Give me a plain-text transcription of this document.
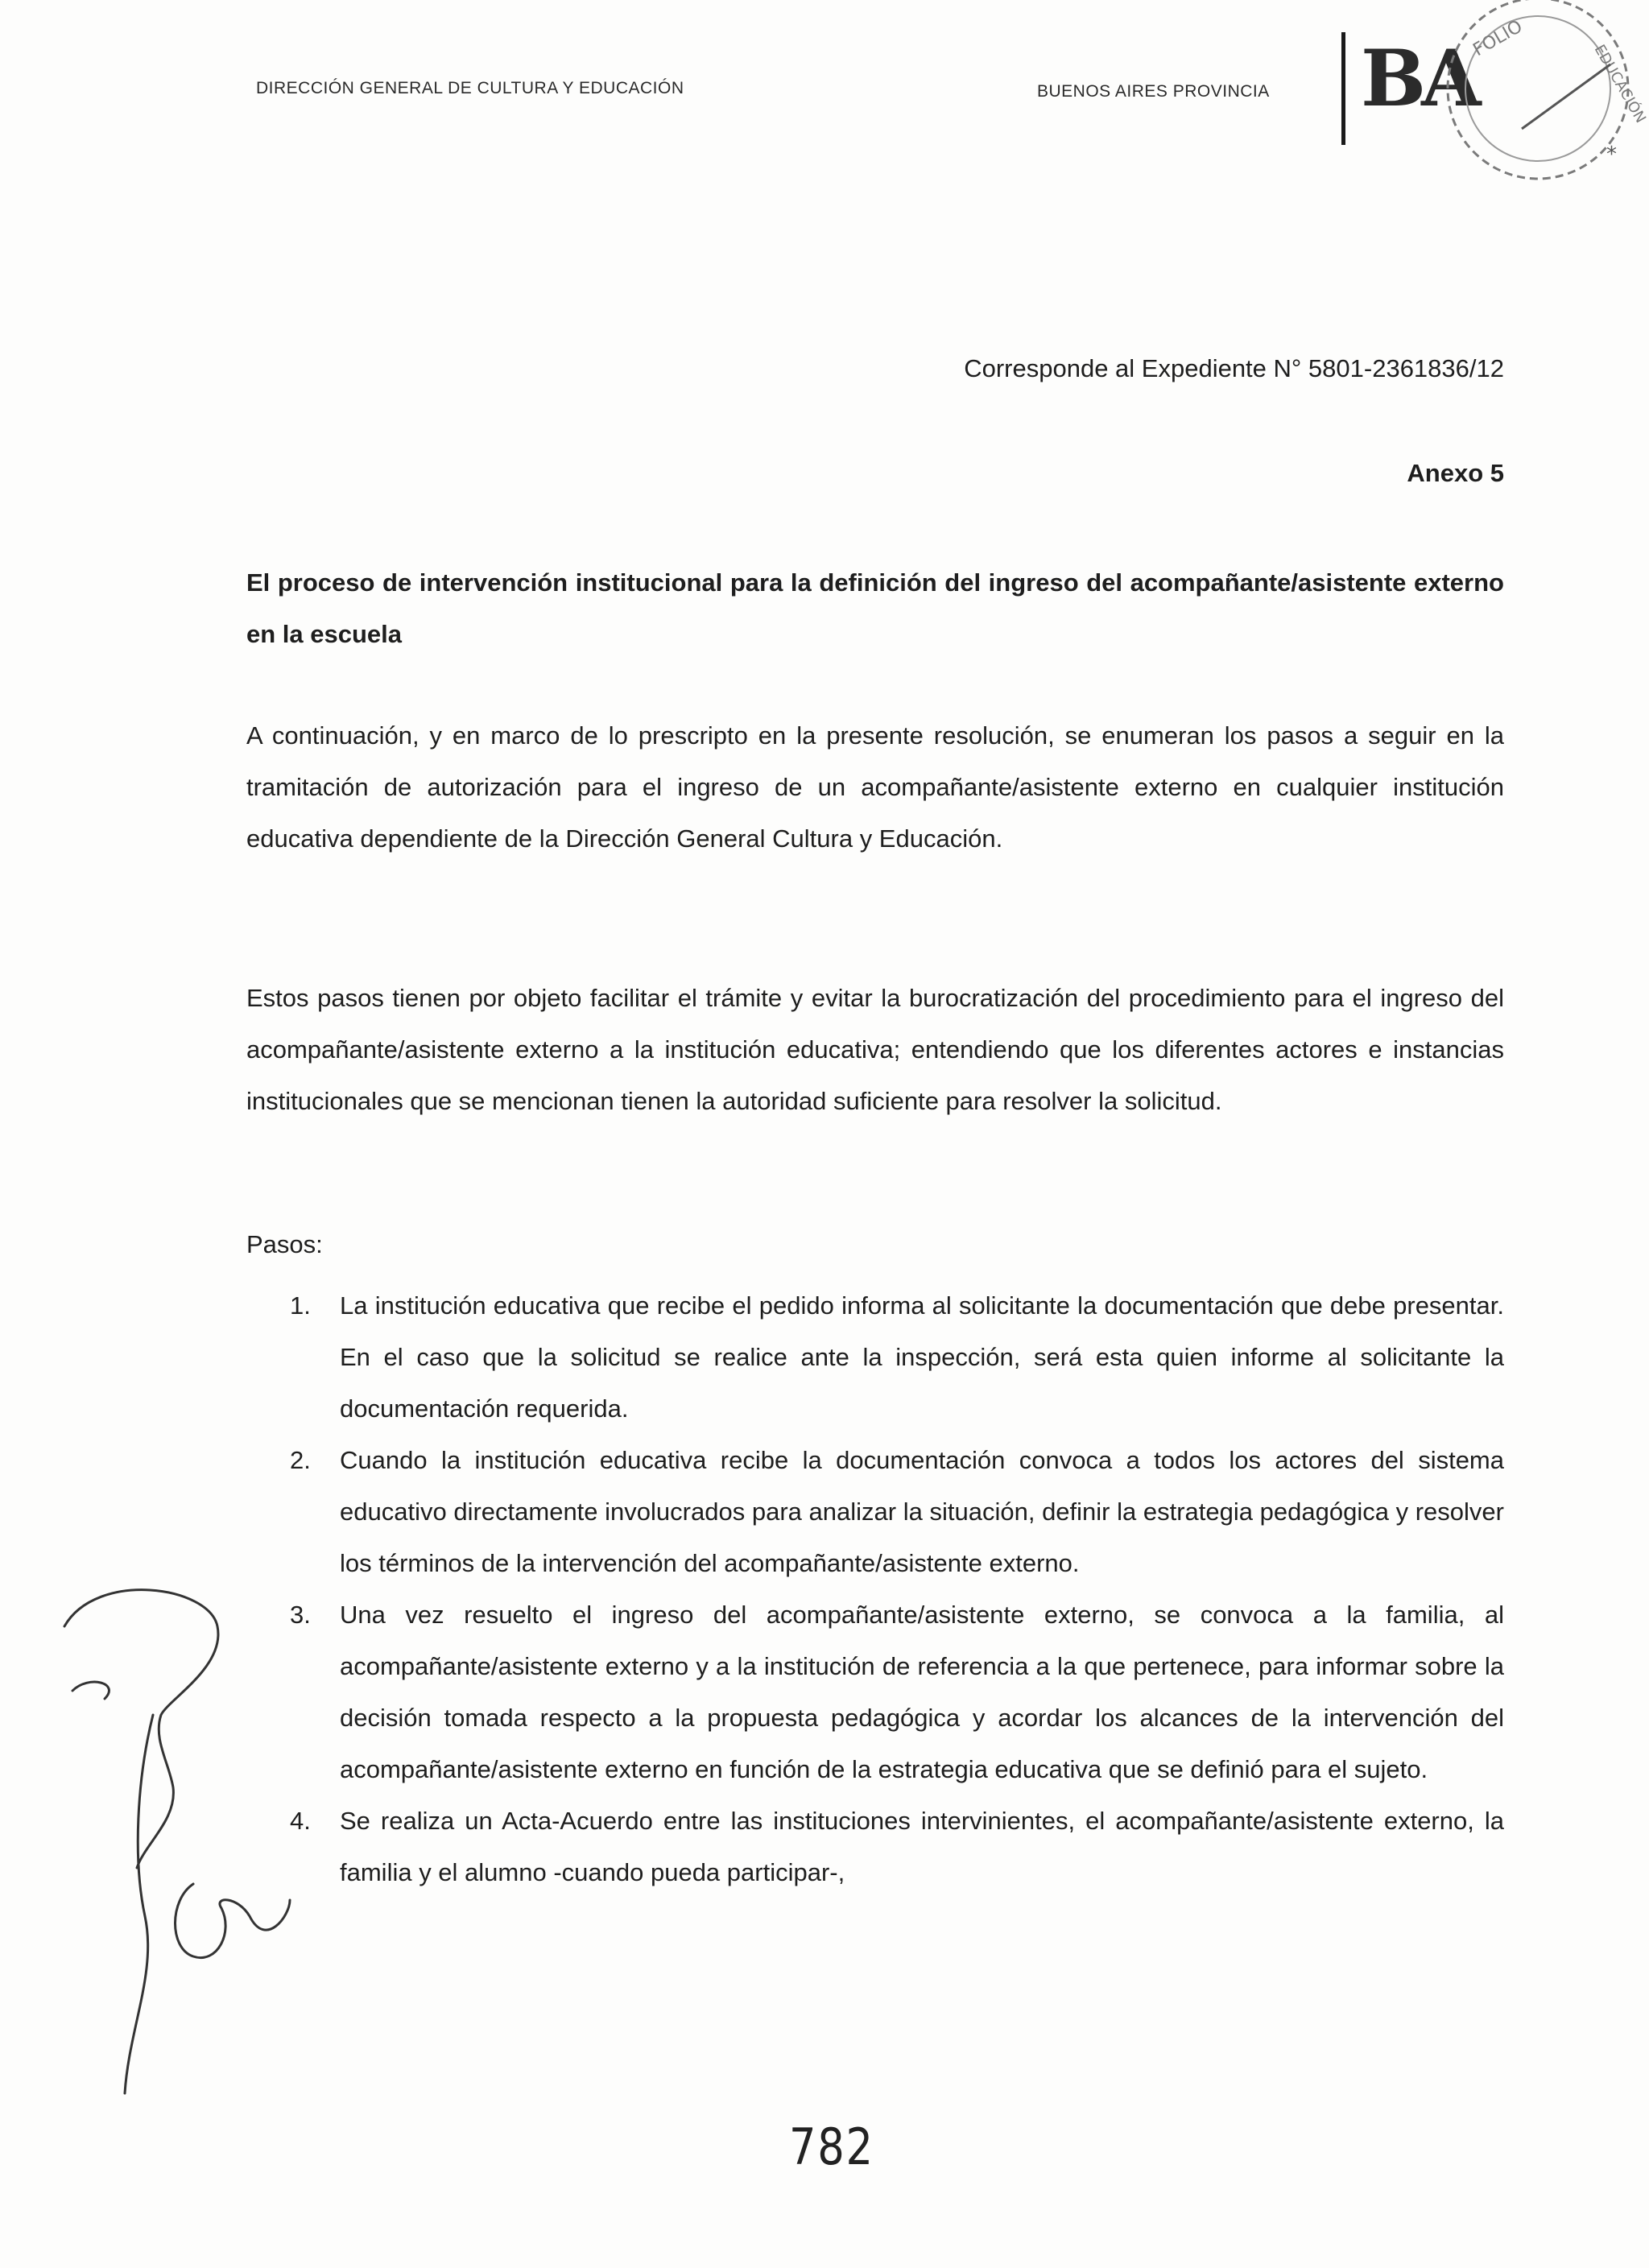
DIRECCIÓN GENERAL DE CULTURA Y EDUCACIÓN	BUENOS AIRES PROVINCIA BA
FOLIO
EDUCACIÓN
*
Corresponde al Expediente N° 5801-2361836/12
Anexo 5
El proceso de intervención institucional para la definición del ingreso del acompañante/asistente externo en la escuela

A continuación, y en marco de lo prescripto en la presente resolución, se enumeran los pasos a seguir en la tramitación de autorización para el ingreso de un acompañante/asistente externo en cualquier institución educativa dependiente de la Dirección General Cultura y Educación.

Estos pasos tienen por objeto facilitar el trámite y evitar la burocratización del procedimiento para el ingreso del acompañante/asistente externo a la institución educativa; entendiendo que los diferentes actores e instancias institucionales que se mencionan tienen la autoridad suficiente para resolver la solicitud.

Pasos:
1.	La institución educativa que recibe el pedido informa al solicitante la documentación que debe presentar. En el caso que la solicitud se realice ante la inspección, será esta quien informe al solicitante la documentación requerida.
2.	Cuando la institución educativa recibe la documentación convoca a todos los actores del sistema educativo directamente involucrados para analizar la situación, definir la estrategia pedagógica y resolver los términos de la intervención del acompañante/asistente externo.
3.	Una vez resuelto el ingreso del acompañante/asistente externo, se convoca a la familia, al acompañante/asistente externo y a la institución de referencia a la que pertenece, para informar sobre la decisión tomada respecto a la propuesta pedagógica y acordar los alcances de la intervención del acompañante/asistente externo en función de la estrategia educativa que se definió para el sujeto.
4.	Se realiza un Acta-Acuerdo entre las instituciones intervinientes, el acompañante/asistente externo, la familia y el alumno -cuando pueda participar-,
782
